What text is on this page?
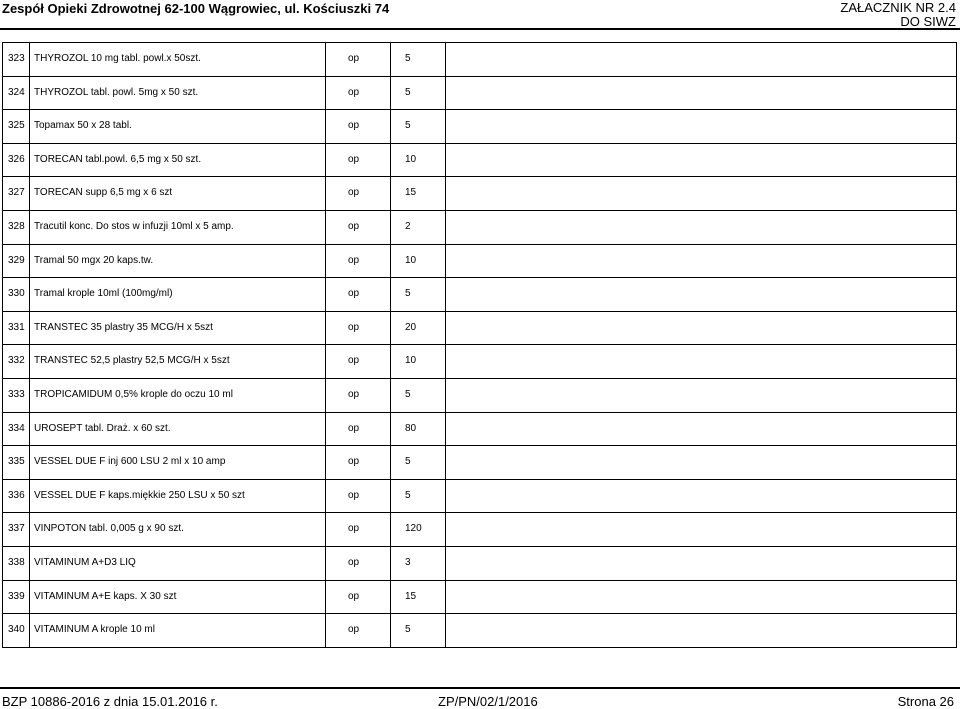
Zespół Opieki Zdrowotnej 62-100 Wągrowiec, ul. Kościuszki 74	ZAŁACZNIK NR 2.4
DO SIWZ
323 THYROZOL 10 mg tabl. powl.x 50szt.	op	5
324 THYROZOL tabl. powl. 5mg x 50 szt.	op	5
325 Topamax 50 x 28 tabl.	op	5
326 TORECAN tabl.powl. 6,5 mg x 50 szt.	op	10
327 TORECAN supp 6,5 mg x 6 szt	op	15
328 Tracutil konc. Do stos w infuzji 10ml x 5 amp.	op	2
329 Tramal 50 mgx 20 kaps.tw.	op	10
330 Tramal krople 10ml (100mg/ml)	op	5
331 TRANSTEC 35 plastry 35 MCG/H x 5szt	op	20
332 TRANSTEC 52,5 plastry 52,5 MCG/H x 5szt	op	10
333 TROPICAMIDUM 0,5% krople do oczu 10 ml	op	5
334 UROSEPT tabl. Draż. x 60 szt.	op	80
335 VESSEL DUE F inj 600 LSU 2 ml x 10 amp	op	5
336 VESSEL DUE F kaps.miękkie 250 LSU x 50 szt	op	5
337 VINPOTON tabl. 0,005 g x 90 szt.	op	120
338 VITAMINUM A+D3 LIQ	op	3
339 VITAMINUM A+E kaps. X 30 szt	op	15
340 VITAMINUM A krople 10 ml	op	5
BZP 10886-2016 z dnia 15.01.2016 r.	ZP/PN/02/1/2016	Strona 26
